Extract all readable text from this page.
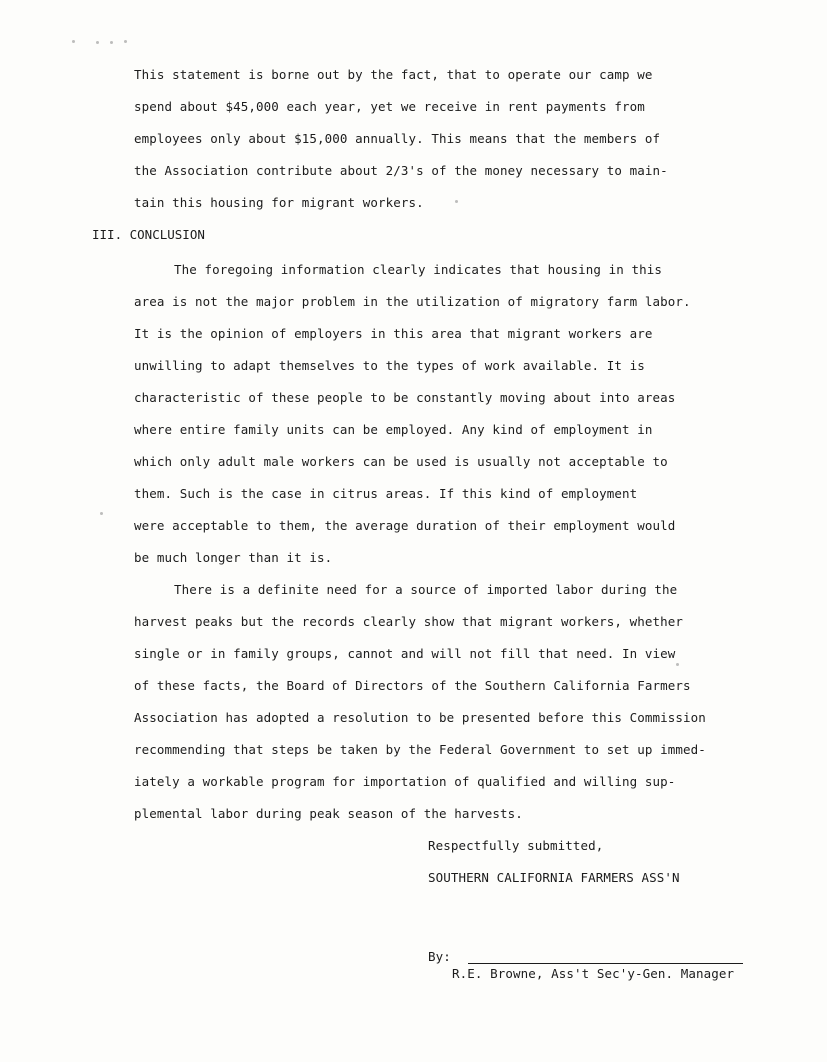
This statement is borne out by the fact, that to operate our camp we
spend about $45,000 each year, yet we receive in rent payments from
employees only about $15,000 annually. This means that the members of
the Association contribute about 2/3's of the money necessary to main-
tain this housing for migrant workers.
III. CONCLUSION
The foregoing information clearly indicates that housing in this
area is not the major problem in the utilization of migratory farm labor.
It is the opinion of employers in this area that migrant workers are
unwilling to adapt themselves to the types of work available. It is
characteristic of these people to be constantly moving about into areas
where entire family units can be employed. Any kind of employment in
which only adult male workers can be used is usually not acceptable to
them. Such is the case in citrus areas. If this kind of employment
were acceptable to them, the average duration of their employment would
be much longer than it is.
There is a definite need for a source of imported labor during the
harvest peaks but the records clearly show that migrant workers, whether
single or in family groups, cannot and will not fill that need. In view
of these facts, the Board of Directors of the Southern California Farmers
Association has adopted a resolution to be presented before this Commission
recommending that steps be taken by the Federal Government to set up immed-
iately a workable program for importation of qualified and willing sup-
plemental labor during peak season of the harvests.
Respectfully submitted,
SOUTHERN CALIFORNIA FARMERS ASS'N
By:
R.E. Browne, Ass't Sec'y-Gen. Manager
